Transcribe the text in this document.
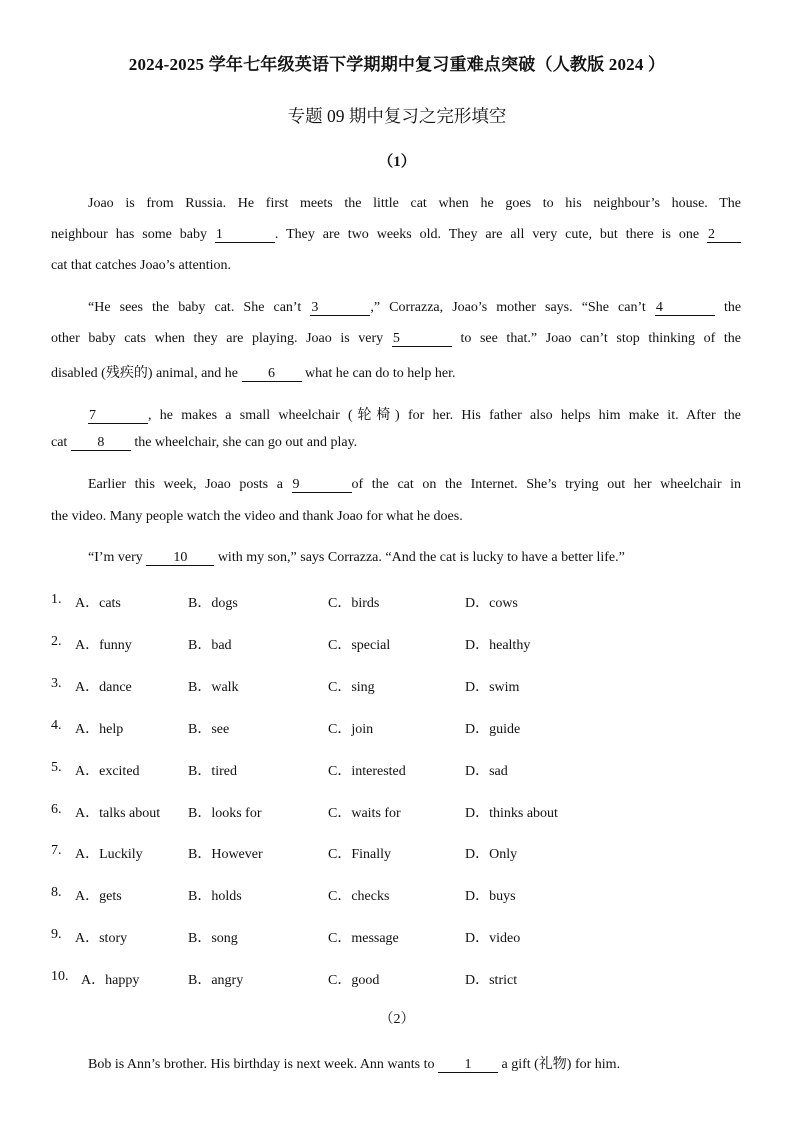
2024-2025 学年七年级英语下学期期中复习重难点突破（人教版 2024 ）
专题 09 期中复习之完形填空
（1）
Joao is from Russia. He first meets the little cat when he goes to his neighbour’s house. The
neighbour has some baby 1	. They are two weeks old. They are all very cute, but there is one 2
cat that catches Joao’s attention.
“He sees the baby cat. She can’t 3	,” Corrazza, Joao’s mother says. “She can’t 4	the
other baby cats when they are playing. Joao is very 5	to see that.” Joao can’t stop thinking of the
disabled (残疾的) animal, and he 6 what he can do to help her.
7	, he makes a small wheelchair (轮椅) for her. His father also helps him make it. After the
cat 8 the wheelchair, she can go out and play.
Earlier this week, Joao posts a 9	of the cat on the Internet. She’s trying out her wheelchair in
the video. Many people watch the video and thank Joao for what he does.
“I’m very 10 with my son,” says Corrazza. “And the cat is lucky to have a better life.”
1. A．cats	B．dogs	C．birds	D．cows
2. A．funny	B．bad	C．special	D．healthy
3. A．dance	B．walk	C．sing	D．swim
4. A．help	B．see	C．join	D．guide
5. A．excited	B．tired	C．interested	D．sad
6. A．talks about B．looks for	C．waits for	D．thinks about
7. A．Luckily	B．However	C．Finally	D．Only
8. A．gets	B．holds	C．checks	D．buys
9. A．story	B．song	C．message	D．video
10. A．happy	B．angry	C．good	D．strict
（2）
Bob is Ann’s brother. His birthday is next week. Ann wants to 1 a gift (礼物) for him.
